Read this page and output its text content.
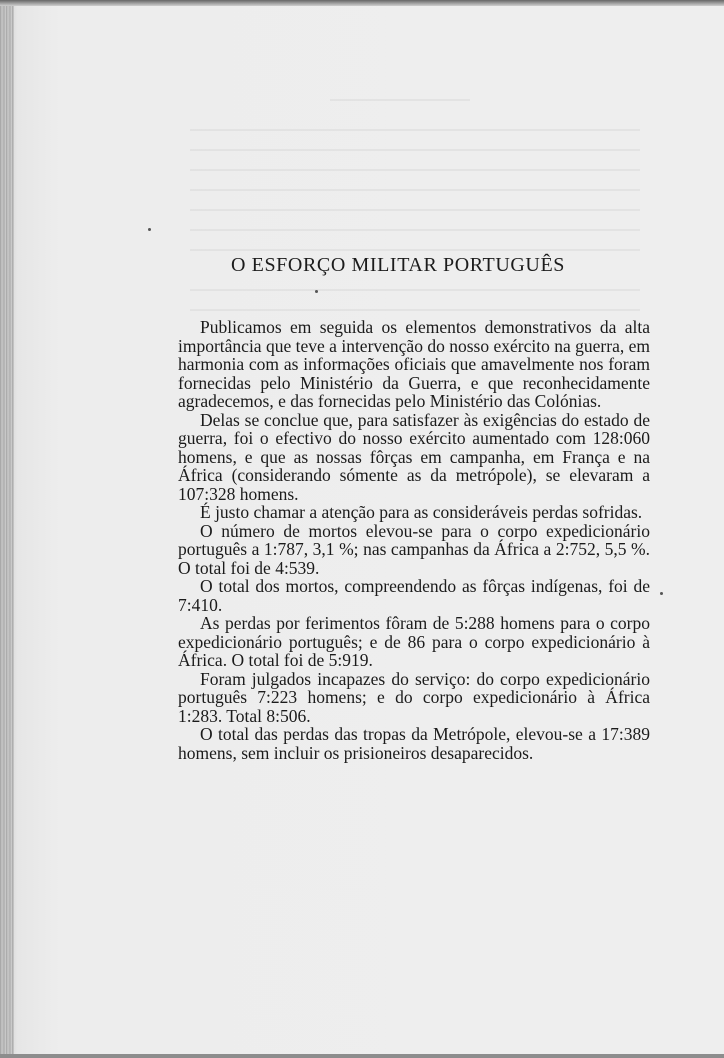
O ESFORÇO MILITAR PORTUGUÊS

Publicamos em seguida os elementos demonstrativos da alta importância que teve a intervenção do nosso exército na guerra, em harmonia com as informações oficiais que amavelmente nos foram fornecidas pelo Ministério da Guerra, e que reconhecidamente agradecemos, e das fornecidas pelo Ministério das Colónias.

Delas se conclue que, para satisfazer às exigências do estado de guerra, foi o efectivo do nosso exército aumentado com 128:060 homens, e que as nossas fôrças em campanha, em França e na África (considerando sómente as da metrópole), se elevaram a 107:328 homens.

É justo chamar a atenção para as consideráveis perdas sofridas.

O número de mortos elevou-se para o corpo expedicionário português a 1:787, 3,1 %; nas campanhas da África a 2:752, 5,5 %. O total foi de 4:539.

O total dos mortos, compreendendo as fôrças indígenas, foi de 7:410.

As perdas por ferimentos fôram de 5:288 homens para o corpo expedicionário português; e de 86 para o corpo expedicionário à África. O total foi de 5:919.

Foram julgados incapazes do serviço: do corpo expedicionário português 7:223 homens; e do corpo expedicionário à África 1:283. Total 8:506.

O total das perdas das tropas da Metrópole, elevou-se a 17:389 homens, sem incluir os prisioneiros desaparecidos.
